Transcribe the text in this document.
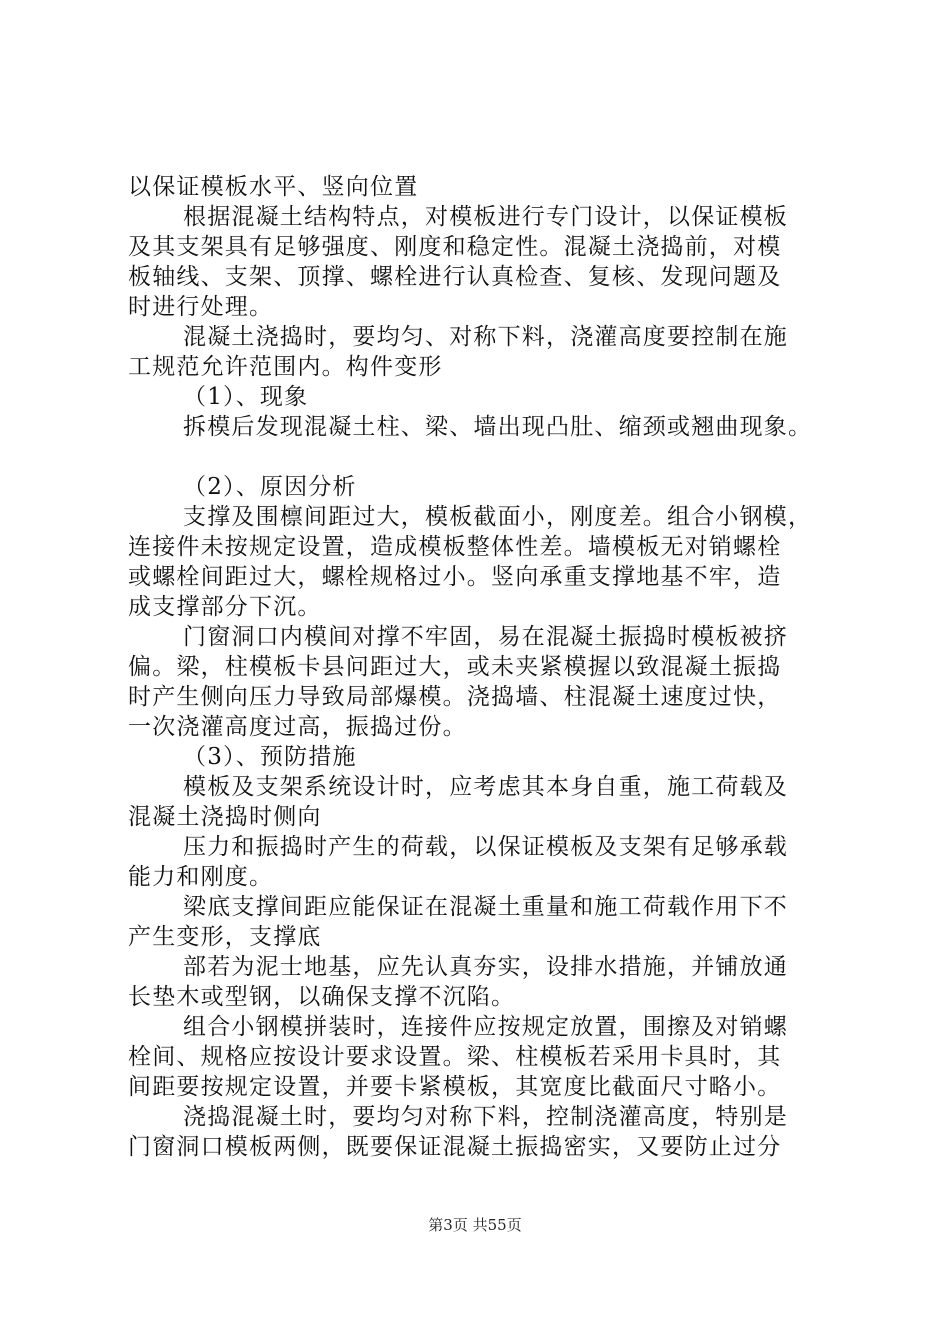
以保证模板水平、竖向位置
根据混凝土结构特点，对模板进行专门设计，以保证模板
及其支架具有足够强度、刚度和稳定性。混凝土浇捣前，对模
板轴线、支架、顶撑、螺栓进行认真检查、复核、发现问题及
时进行处理。
混凝土浇捣时，要均匀、对称下料，浇灌高度要控制在施
工规范允许范围内。构件变形
（1）、现象
拆模后发现混凝土柱、梁、墙出现凸肚、缩颈或翘曲现象。
（2）、原因分析
支撑及围檩间距过大，模板截面小，刚度差。组合小钢模，
连接件未按规定设置，造成模板整体性差。墙模板无对销螺栓
或螺栓间距过大，螺栓规格过小。竖向承重支撑地基不牢，造
成支撑部分下沉。
门窗洞口内模间对撑不牢固，易在混凝土振捣时模板被挤
偏。梁，柱模板卡县问距过大，或未夹紧模握以致混凝土振捣
时产生侧向压力导致局部爆模。浇捣墙、柱混凝土速度过快，
一次浇灌高度过高，振捣过份。
（3）、预防措施
模板及支架系统设计时，应考虑其本身自重，施工荷载及
混凝土浇捣时侧向
压力和振捣时产生的荷载，以保证模板及支架有足够承载
能力和刚度。
梁底支撑间距应能保证在混凝土重量和施工荷载作用下不
产生变形，支撑底
部若为泥士地基，应先认真夯实，设排水措施，并铺放通
长垫木或型钢，以确保支撑不沉陷。
组合小钢模拼装时，连接件应按规定放置，围擦及对销螺
栓间、规格应按设计要求设置。梁、柱模板若采用卡具时，其
间距要按规定设置，并要卡紧模板，其宽度比截面尺寸略小。
浇捣混凝土时，要均匀对称下料，控制浇灌高度，特别是
门窗洞口模板两侧，既要保证混凝土振捣密实，又要防止过分
第3页 共55页
